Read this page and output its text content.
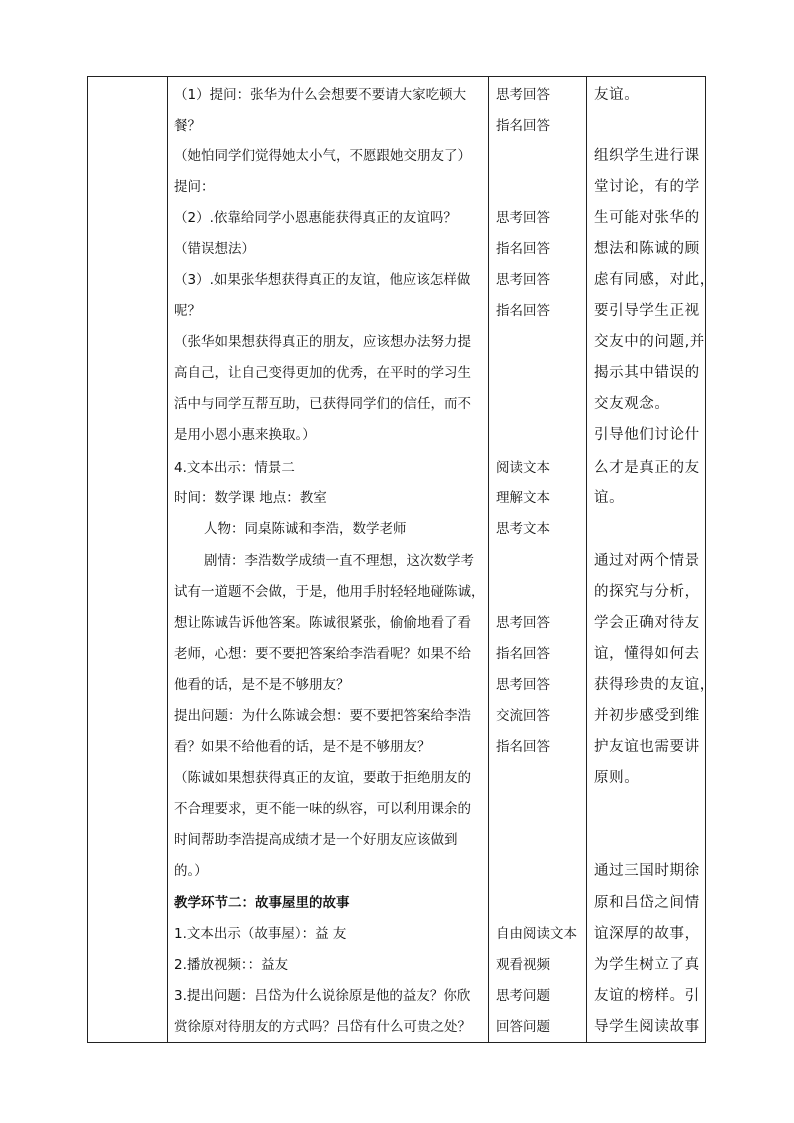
（1）提问：张华为什么会想要不要请大家吃顿大
餐？
（她怕同学们觉得她太小气，不愿跟她交朋友了）
提问：
（2）.依靠给同学小恩惠能获得真正的友谊吗？
（错误想法）
（3）.如果张华想获得真正的友谊，他应该怎样做
呢？
（张华如果想获得真正的朋友，应该想办法努力提
高自己，让自己变得更加的优秀，在平时的学习生
活中与同学互帮互助，已获得同学们的信任，而不
是用小恩小惠来换取。）
4.文本出示：情景二
时间：数学课 地点：教室
人物：同桌陈诚和李浩，数学老师
剧情：李浩数学成绩一直不理想，这次数学考
试有一道题不会做，于是，他用手肘轻轻地碰陈诚，
想让陈诚告诉他答案。陈诚很紧张，偷偷地看了看
老师，心想：要不要把答案给李浩看呢？如果不给
他看的话，是不是不够朋友？
提出问题：为什么陈诚会想：要不要把答案给李浩
看？如果不给他看的话，是不是不够朋友？
（陈诚如果想获得真正的友谊，要敢于拒绝朋友的
不合理要求，更不能一味的纵容，可以利用课余的
时间帮助李浩提高成绩才是一个好朋友应该做到
的。）
教学环节二：故事屋里的故事
1.文本出示（故事屋）：益 友
2.播放视频：：益友
3.提出问题：吕岱为什么说徐原是他的益友？你欣
赏徐原对待朋友的方式吗？吕岱有什么可贵之处？
思考回答
指名回答
思考回答
指名回答
思考回答
指名回答
阅读文本
理解文本
思考文本
思考回答
指名回答
思考回答
交流回答
指名回答
自由阅读文本
观看视频
思考问题
回答问题
友谊。
组织学生进行课
堂讨论，有的学
生可能对张华的
想法和陈诚的顾
虑有同感，对此，
要引导学生正视
交友中的问题,并
揭示其中错误的
交友观念。
引导他们讨论什
么才是真正的友
谊。
通过对两个情景
的探究与分析，
学会正确对待友
谊，懂得如何去
获得珍贵的友谊，
并初步感受到维
护友谊也需要讲
原则。
通过三国时期徐
原和吕岱之间情
谊深厚的故事，
为学生树立了真
友谊的榜样。引
导学生阅读故事
